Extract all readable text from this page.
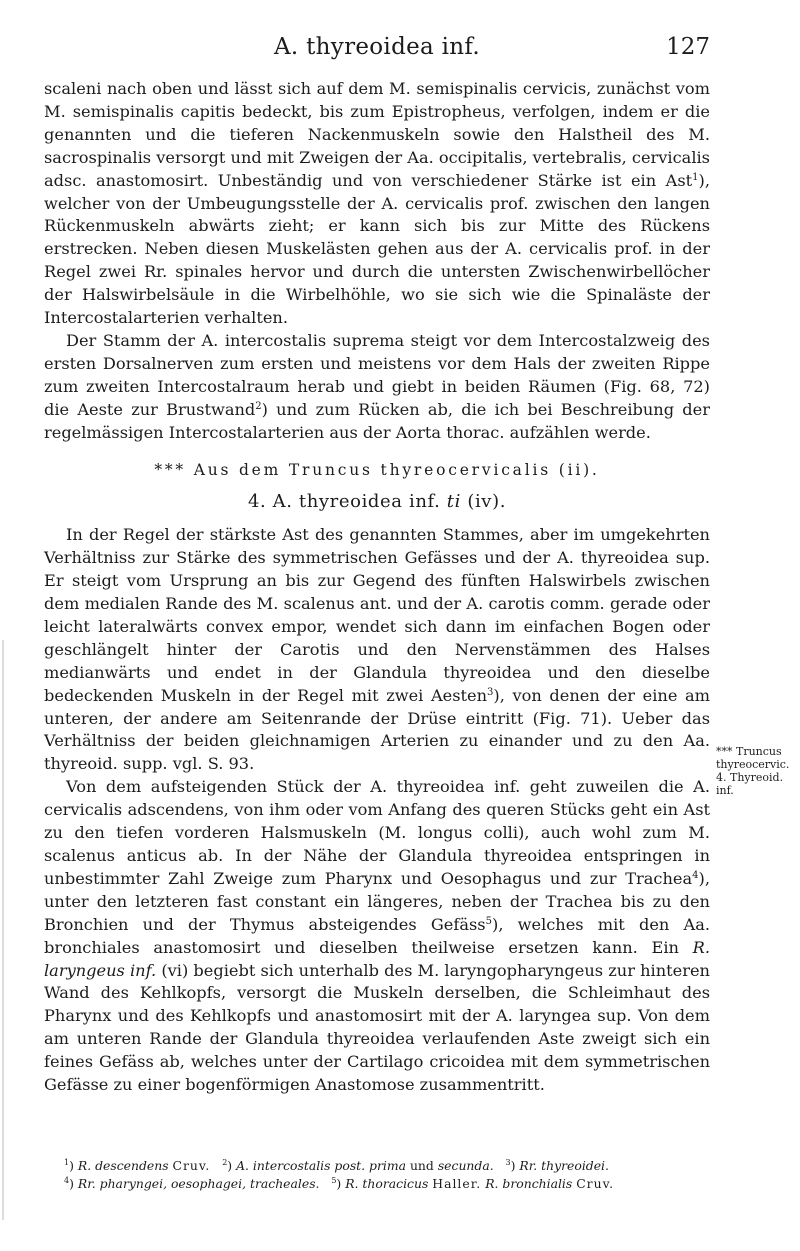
A. thyreoidea inf.	127

scaleni nach oben und lässt sich auf dem M. semispinalis cervicis, zunächst vom M. semispinalis capitis bedeckt, bis zum Epistropheus, verfolgen, indem er die genannten und die tieferen Nackenmuskeln sowie den Halstheil des M. sacrospinalis versorgt und mit Zweigen der Aa. occipitalis, vertebralis, cervicalis adsc. anastomosirt. Unbeständig und von verschiedener Stärke ist ein Ast$^1$), welcher von der Umbeugungsstelle der A. cervicalis prof. zwischen den langen Rückenmuskeln abwärts zieht; er kann sich bis zur Mitte des Rückens erstrecken. Neben diesen Muskelästen gehen aus der A. cervicalis prof. in der Regel zwei Rr. spinales hervor und durch die untersten Zwischenwirbellöcher der Halswirbelsäule in die Wirbelhöhle, wo sie sich wie die Spinaläste der Intercostalarterien verhalten.

Der Stamm der A. intercostalis suprema steigt vor dem Intercostalzweig des ersten Dorsalnerven zum ersten und meistens vor dem Hals der zweiten Rippe zum zweiten Intercostalraum herab und giebt in beiden Räumen (Fig. 68, 72) die Aeste zur Brustwand$^2$) und zum Rücken ab, die ich bei Beschreibung der regelmässigen Intercostalarterien aus der Aorta thorac. aufzählen werde.

*** Aus dem Truncus thyreocervicalis (ii).

4. A. thyreoidea inf. ti (iv).

In der Regel der stärkste Ast des genannten Stammes, aber im umgekehrten Verhältniss zur Stärke des symmetrischen Gefässes und der A. thyreoidea sup. Er steigt vom Ursprung an bis zur Gegend des fünften Halswirbels zwischen dem medialen Rande des M. scalenus ant. und der A. carotis comm. gerade oder leicht lateralwärts convex empor, wendet sich dann im einfachen Bogen oder geschlängelt hinter der Carotis und den Nervenstämmen des Halses medianwärts und endet in der Glandula thyreoidea und den dieselbe bedeckenden Muskeln in der Regel mit zwei Aesten$^3$), von denen der eine am unteren, der andere am Seitenrande der Drüse eintritt (Fig. 71). Ueber das Verhältniss der beiden gleichnamigen Arterien zu einander und zu den Aa. thyreoid. supp. vgl. S. 93.

Von dem aufsteigenden Stück der A. thyreoidea inf. geht zuweilen die A. cervicalis adscendens, von ihm oder vom Anfang des queren Stücks geht ein Ast zu den tiefen vorderen Halsmuskeln (M. longus colli), auch wohl zum M. scalenus anticus ab. In der Nähe der Glandula thyreoidea entspringen in unbestimmter Zahl Zweige zum Pharynx und Oesophagus und zur Trachea$^4$), unter den letzteren fast constant ein längeres, neben der Trachea bis zu den Bronchien und der Thymus absteigendes Gefäss$^5$), welches mit den Aa. bronchiales anastomosirt und dieselben theilweise ersetzen kann. Ein R. laryngeus inf. (vi) begiebt sich unterhalb des M. laryngopharyngeus zur hinteren Wand des Kehlkopfs, versorgt die Muskeln derselben, die Schleimhaut des Pharynx und des Kehlkopfs und anastomosirt mit der A. laryngea sup. Von dem am unteren Rande der Glandula thyreoidea verlaufenden Aste zweigt sich ein feines Gefäss ab, welches unter der Cartilago cricoidea mit dem symmetrischen Gefässe zu einer bogenförmigen Anastomose zusammentritt.

*** Truncus
thyreocervic.
4. Thyreoid.
inf.
$^1$) R. descendens Cruv. $^2$) A. intercostalis post. prima und secunda. $^3$) Rr. thyreoidei.
$^4$) Rr. pharyngei, oesophagei, tracheales. $^5$) R. thoracicus Haller. R. bronchialis Cruv.
